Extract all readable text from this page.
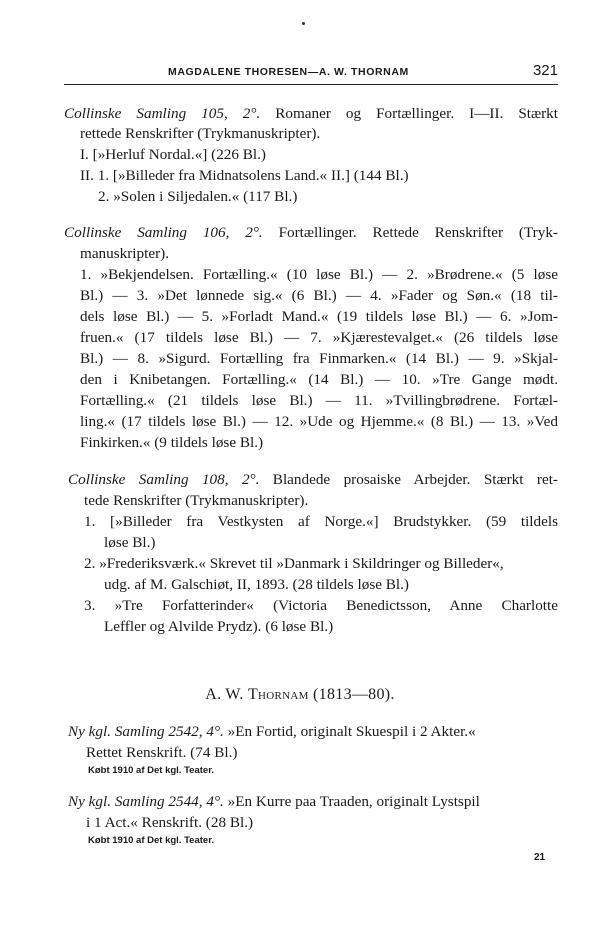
MAGDALENE THORESEN—A. W. THORNAM	321
Collinske Samling 105, 2°. Romaner og Fortællinger. I—II. Stærkt
rettede Renskrifter (Trykmanuskripter).
I. [»Herluf Nordal.«] (226 Bl.)
II. 1. [»Billeder fra Midnatsolens Land.« II.] (144 Bl.)
2. »Solen i Siljedalen.« (117 Bl.)
Collinske Samling 106, 2°. Fortællinger. Rettede Renskrifter (Tryk-
manuskripter).
1. »Bekjendelsen. Fortælling.« (10 løse Bl.) — 2. »Brødrene.« (5 løse
Bl.) — 3. »Det lønnede sig.« (6 Bl.) — 4. »Fader og Søn.« (18 til-
dels løse Bl.) — 5. »Forladt Mand.« (19 tildels løse Bl.) — 6. »Jom-
fruen.« (17 tildels løse Bl.) — 7. »Kjærestevalget.« (26 tildels løse
Bl.) — 8. »Sigurd. Fortælling fra Finmarken.« (14 Bl.) — 9. »Skjal-
den i Knibetangen. Fortælling.« (14 Bl.) — 10. »Tre Gange mødt.
Fortælling.« (21 tildels løse Bl.) — 11. »Tvillingbrødrene. Fortæl-
ling.« (17 tildels løse Bl.) — 12. »Ude og Hjemme.« (8 Bl.) — 13. »Ved
Finkirken.« (9 tildels løse Bl.)
Collinske Samling 108, 2°. Blandede prosaiske Arbejder. Stærkt ret-
tede Renskrifter (Trykmanuskripter).
1. [»Billeder fra Vestkysten af Norge.«] Brudstykker. (59 tildels
løse Bl.)
2. »Frederiksværk.« Skrevet til »Danmark i Skildringer og Billeder«,
udg. af M. Galschiøt, II, 1893. (28 tildels løse Bl.)
3. »Tre Forfatterinder« (Victoria Benedictsson, Anne Charlotte
Leffler og Alvilde Prydz). (6 løse Bl.)
A. W. Thornam (1813—80).
Ny kgl. Samling 2542, 4°. »En Fortid, originalt Skuespil i 2 Akter.«
Rettet Renskrift. (74 Bl.)
Købt 1910 af Det kgl. Teater.
Ny kgl. Samling 2544, 4°. »En Kurre paa Traaden, originalt Lystspil
i 1 Act.« Renskrift. (28 Bl.)
Købt 1910 af Det kgl. Teater.
21
